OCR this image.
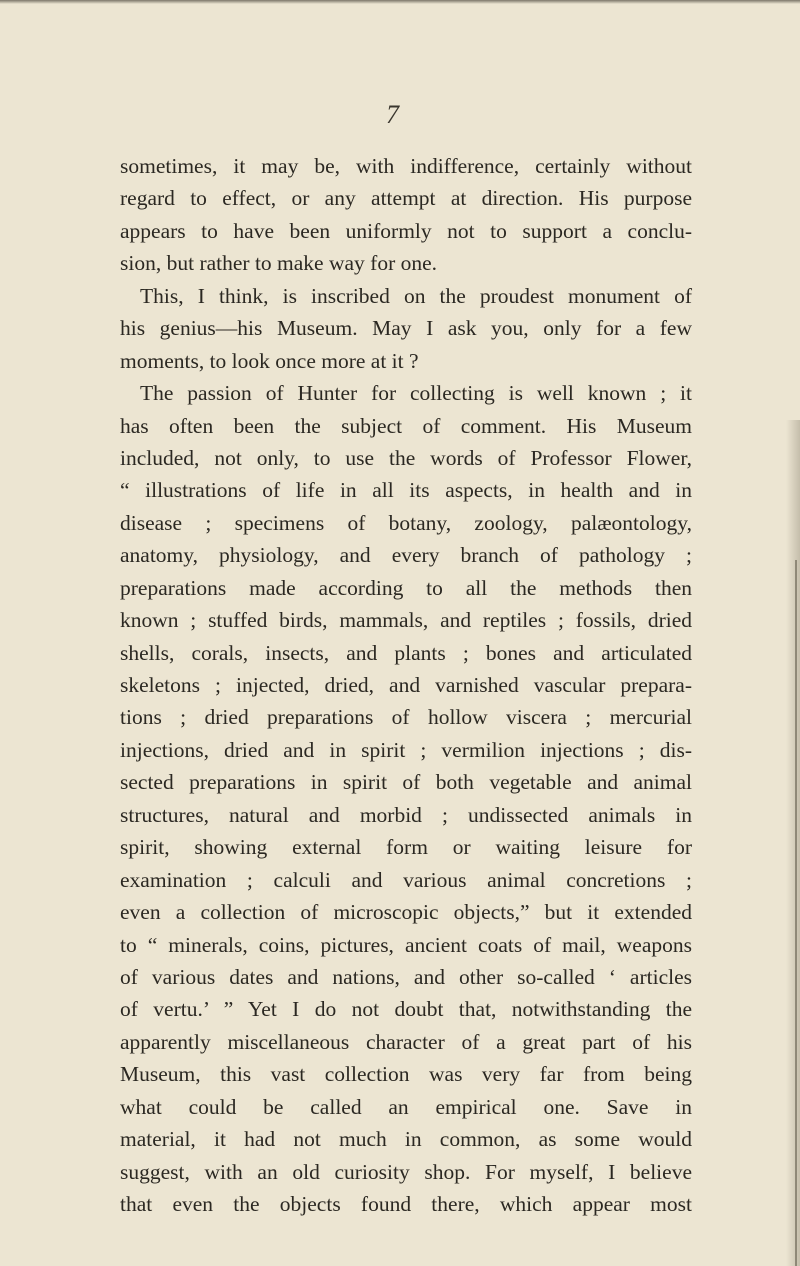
7
sometimes, it may be, with indifference, certainly without
regard to effect, or any attempt at direction. His purpose
appears to have been uniformly not to support a conclu-
sion, but rather to make way for one.
This, I think, is inscribed on the proudest monument of
his genius—his Museum. May I ask you, only for a few
moments, to look once more at it ?
The passion of Hunter for collecting is well known ; it
has often been the subject of comment. His Museum
included, not only, to use the words of Professor Flower,
“ illustrations of life in all its aspects, in health and in
disease ; specimens of botany, zoology, palæontology,
anatomy, physiology, and every branch of pathology ;
preparations made according to all the methods then
known ; stuffed birds, mammals, and reptiles ; fossils, dried
shells, corals, insects, and plants ; bones and articulated
skeletons ; injected, dried, and varnished vascular prepara-
tions ; dried preparations of hollow viscera ; mercurial
injections, dried and in spirit ; vermilion injections ; dis-
sected preparations in spirit of both vegetable and animal
structures, natural and morbid ; undissected animals in
spirit, showing external form or waiting leisure for
examination ; calculi and various animal concretions ;
even a collection of microscopic objects,” but it extended
to “ minerals, coins, pictures, ancient coats of mail, weapons
of various dates and nations, and other so-called ‘ articles
of vertu.’ ” Yet I do not doubt that, notwithstanding the
apparently miscellaneous character of a great part of his
Museum, this vast collection was very far from being
what could be called an empirical one. Save in
material, it had not much in common, as some would
suggest, with an old curiosity shop. For myself, I believe
that even the objects found there, which appear most
